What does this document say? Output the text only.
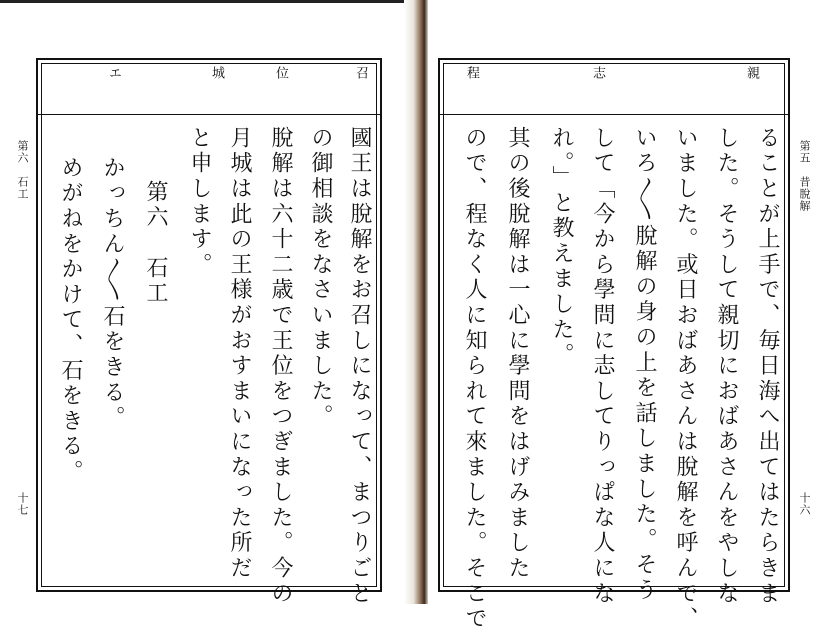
エ	位
城	召
第六　石工
十七	國王は脫解をお召しになって、まつりごと
の御相談をなさいました。
脫解は六十二歳で王位をつぎました。今の
月城は此の王様がおすまいになった所だ
と申します。
第六　石工
かっちん〳〵石をきる。
めがねをかけて、石をきる。
程	志	親
第五　昔脫解
十六
ることが上手で、毎日海へ出てはたらきま
した。そうして親切におばあさんをやしな
いました。或日おばあさんは脫解を呼んで、
いろ〳〵脫解の身の上を話しました。そう
して「今から學問に志してりっぱな人にな
れ。」と教えました。
其の後脫解は一心に學問をはげみました
ので、程なく人に知られて來ました。そこで
